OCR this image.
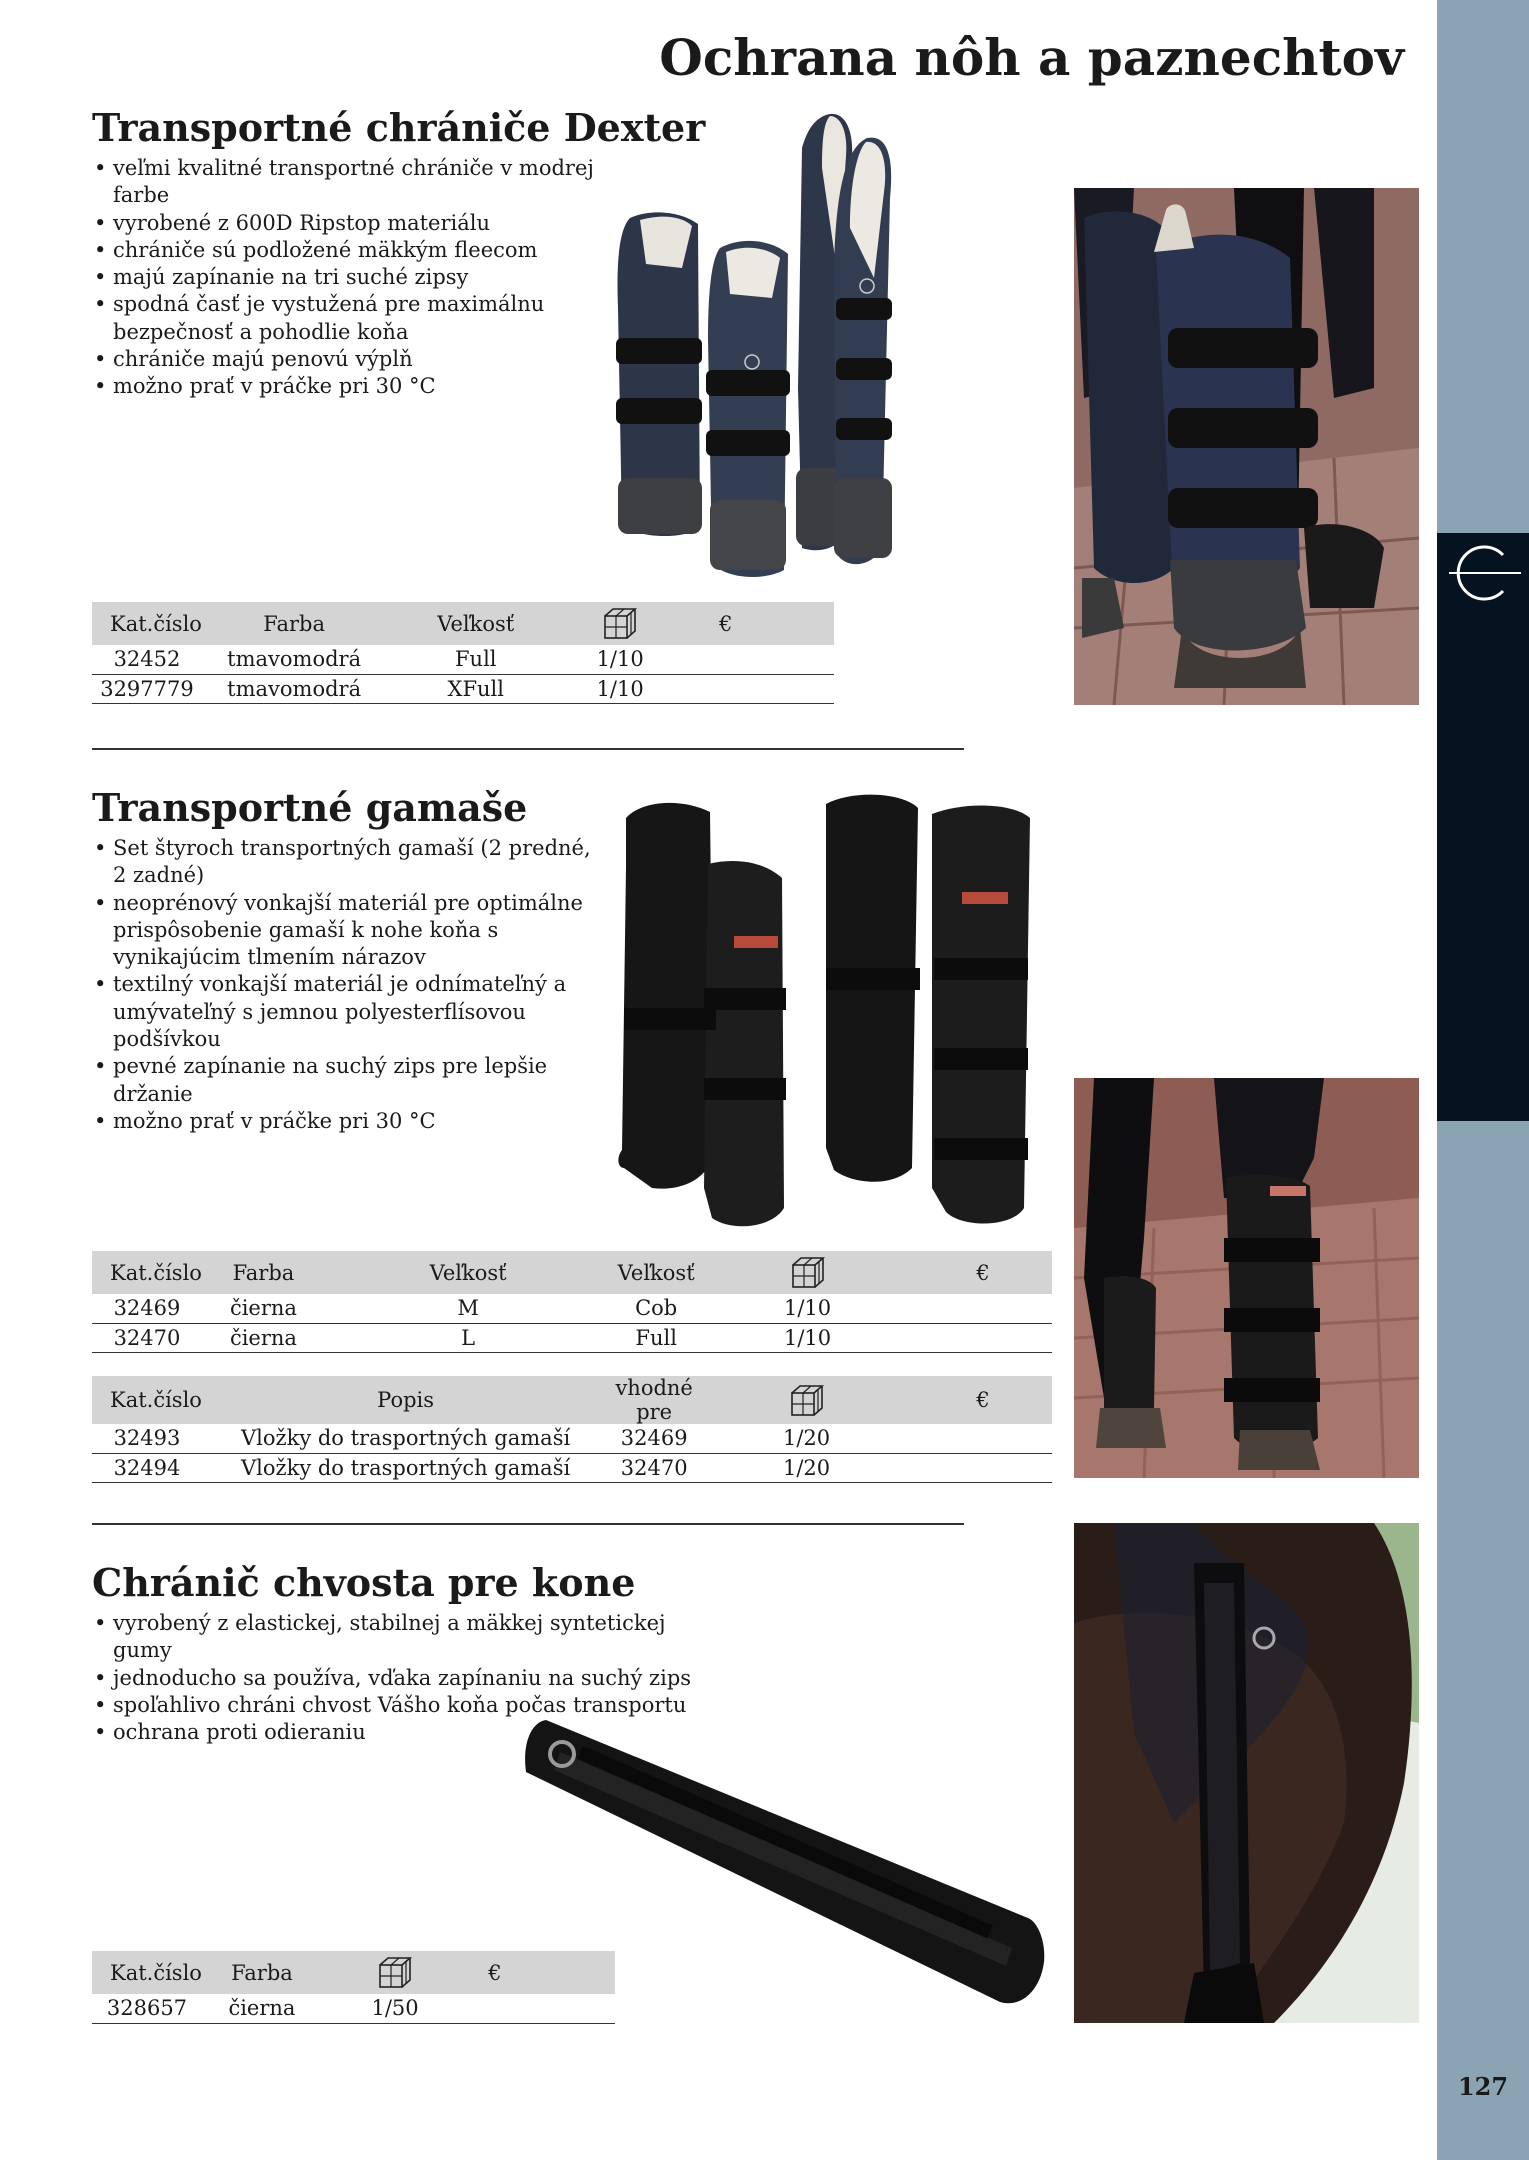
127
Ochrana nôh a paznechtov
Transportné chrániče Dexter
• veľmi kvalitné transportné chrániče v modrej farbe
• vyrobené z 600D Ripstop materiálu
• chrániče sú podložené mäkkým fleecom
• majú zapínanie na tri suché zipsy
• spodná časť je vystužená pre maximálnu bezpečnosť a pohodlie koňa
• chrániče majú penovú výplň
• možno prať v práčke pri 30 °C
Kat.číslo	Farba	Veľkosť		€
32452	tmavomodrá	Full	1/10	
3297779	tmavomodrá	XFull	1/10	
Transportné gamaše
• Set štyroch transportných gamaší (2 predné, 2 zadné)
• neoprénový vonkajší materiál pre optimálne prispôsobenie gamaší k nohe koňa s vynikajúcim tlmením nárazov
• textilný vonkajší materiál je odnímateľný a umývateľný s jemnou polyesterflísovou podšívkou
• pevné zapínanie na suchý zips pre lepšie držanie
• možno prať v práčke pri 30 °C
Kat.číslo	Farba	Veľkosť	Veľkosť		€
32469	čierna	M	Cob	1/10	
32470	čierna	L	Full	1/10	
Kat.číslo	Popis	vhodné pre		€
32493	Vložky do trasportných gamaší	32469	1/20	
32494	Vložky do trasportných gamaší	32470	1/20	
Chránič chvosta pre kone
• vyrobený z elastickej, stabilnej a mäkkej syntetickej gumy
• jednoducho sa používa, vďaka zapínaniu na suchý zips
• spoľahlivo chráni chvost Vášho koňa počas transportu
• ochrana proti odieraniu
Kat.číslo	Farba		€
328657	čierna	1/50	
